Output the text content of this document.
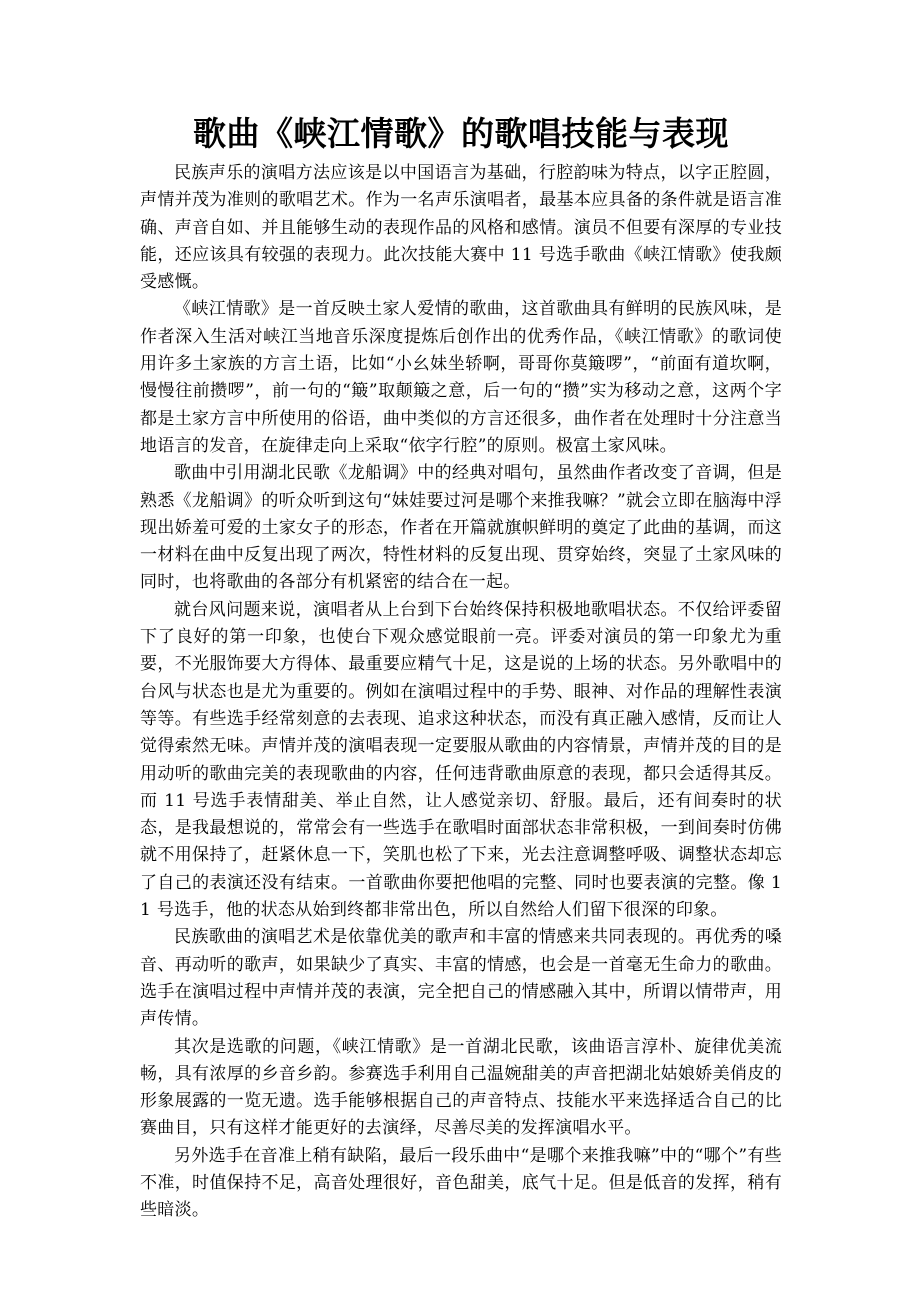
歌曲《峡江情歌》的歌唱技能与表现

民族声乐的演唱方法应该是以中国语言为基础，行腔韵味为特点，以字正腔圆，声情并茂为准则的歌唱艺术。作为一名声乐演唱者，最基本应具备的条件就是语言准确、声音自如、并且能够生动的表现作品的风格和感情。演员不但要有深厚的专业技能，还应该具有较强的表现力。此次技能大赛中 11 号选手歌曲《峡江情歌》使我颇受感慨。

《峡江情歌》是一首反映土家人爱情的歌曲，这首歌曲具有鲜明的民族风味，是作者深入生活对峡江当地音乐深度提炼后创作出的优秀作品，《峡江情歌》的歌词使用许多土家族的方言土语，比如“小幺妹坐轿啊，哥哥你莫簸啰”，“前面有道坎啊，慢慢往前攒啰”，前一句的“簸”取颠簸之意，后一句的“攒”实为移动之意，这两个字都是土家方言中所使用的俗语，曲中类似的方言还很多，曲作者在处理时十分注意当地语言的发音，在旋律走向上采取“依字行腔”的原则。极富土家风味。

歌曲中引用湖北民歌《龙船调》中的经典对唱句，虽然曲作者改变了音调，但是熟悉《龙船调》的听众听到这句“妹娃要过河是哪个来推我嘛？”就会立即在脑海中浮现出娇羞可爱的土家女子的形态，作者在开篇就旗帜鲜明的奠定了此曲的基调，而这一材料在曲中反复出现了两次，特性材料的反复出现、贯穿始终，突显了土家风味的同时，也将歌曲的各部分有机紧密的结合在一起。

就台风问题来说，演唱者从上台到下台始终保持积极地歌唱状态。不仅给评委留下了良好的第一印象，也使台下观众感觉眼前一亮。评委对演员的第一印象尤为重要，不光服饰要大方得体、最重要应精气十足，这是说的上场的状态。另外歌唱中的台风与状态也是尤为重要的。例如在演唱过程中的手势、眼神、对作品的理解性表演等等。有些选手经常刻意的去表现、追求这种状态，而没有真正融入感情，反而让人觉得索然无味。声情并茂的演唱表现一定要服从歌曲的内容情景，声情并茂的目的是用动听的歌曲完美的表现歌曲的内容，任何违背歌曲原意的表现，都只会适得其反。而 11 号选手表情甜美、举止自然，让人感觉亲切、舒服。最后，还有间奏时的状态，是我最想说的，常常会有一些选手在歌唱时面部状态非常积极，一到间奏时仿佛就不用保持了，赶紧休息一下，笑肌也松了下来，光去注意调整呼吸、调整状态却忘了自己的表演还没有结束。一首歌曲你要把他唱的完整、同时也要表演的完整。像 11 号选手，他的状态从始到终都非常出色，所以自然给人们留下很深的印象。

民族歌曲的演唱艺术是依靠优美的歌声和丰富的情感来共同表现的。再优秀的嗓音、再动听的歌声，如果缺少了真实、丰富的情感，也会是一首毫无生命力的歌曲。选手在演唱过程中声情并茂的表演，完全把自己的情感融入其中，所谓以情带声，用声传情。

其次是选歌的问题，《峡江情歌》是一首湖北民歌，该曲语言淳朴、旋律优美流畅，具有浓厚的乡音乡韵。参赛选手利用自己温婉甜美的声音把湖北姑娘娇美俏皮的形象展露的一览无遗。选手能够根据自己的声音特点、技能水平来选择适合自己的比赛曲目，只有这样才能更好的去演绎，尽善尽美的发挥演唱水平。

另外选手在音准上稍有缺陷，最后一段乐曲中“是哪个来推我嘛”中的“哪个”有些不准，时值保持不足，高音处理很好，音色甜美，底气十足。但是低音的发挥，稍有些暗淡。
